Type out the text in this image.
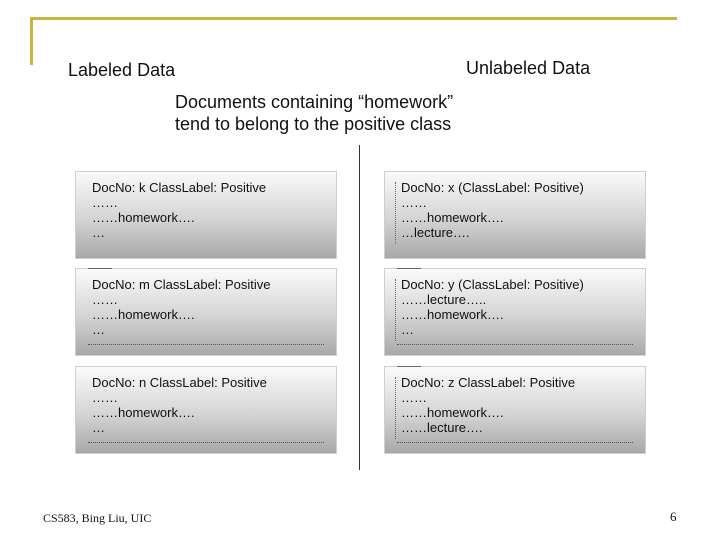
Labeled Data	Unlabeled Data
Documents containing “homework”
tend to belong to the positive class
DocNo: k ClassLabel: Positive
……
……homework….
…
DocNo: m ClassLabel: Positive
……
……homework….
…
DocNo: n ClassLabel: Positive
……
……homework….
…
DocNo: x (ClassLabel: Positive)
……
……homework….
…lecture….
DocNo: y (ClassLabel: Positive)
……lecture…..
……homework….
…
DocNo: z ClassLabel: Positive
……
……homework….
……lecture….
CS583, Bing Liu, UIC	6
